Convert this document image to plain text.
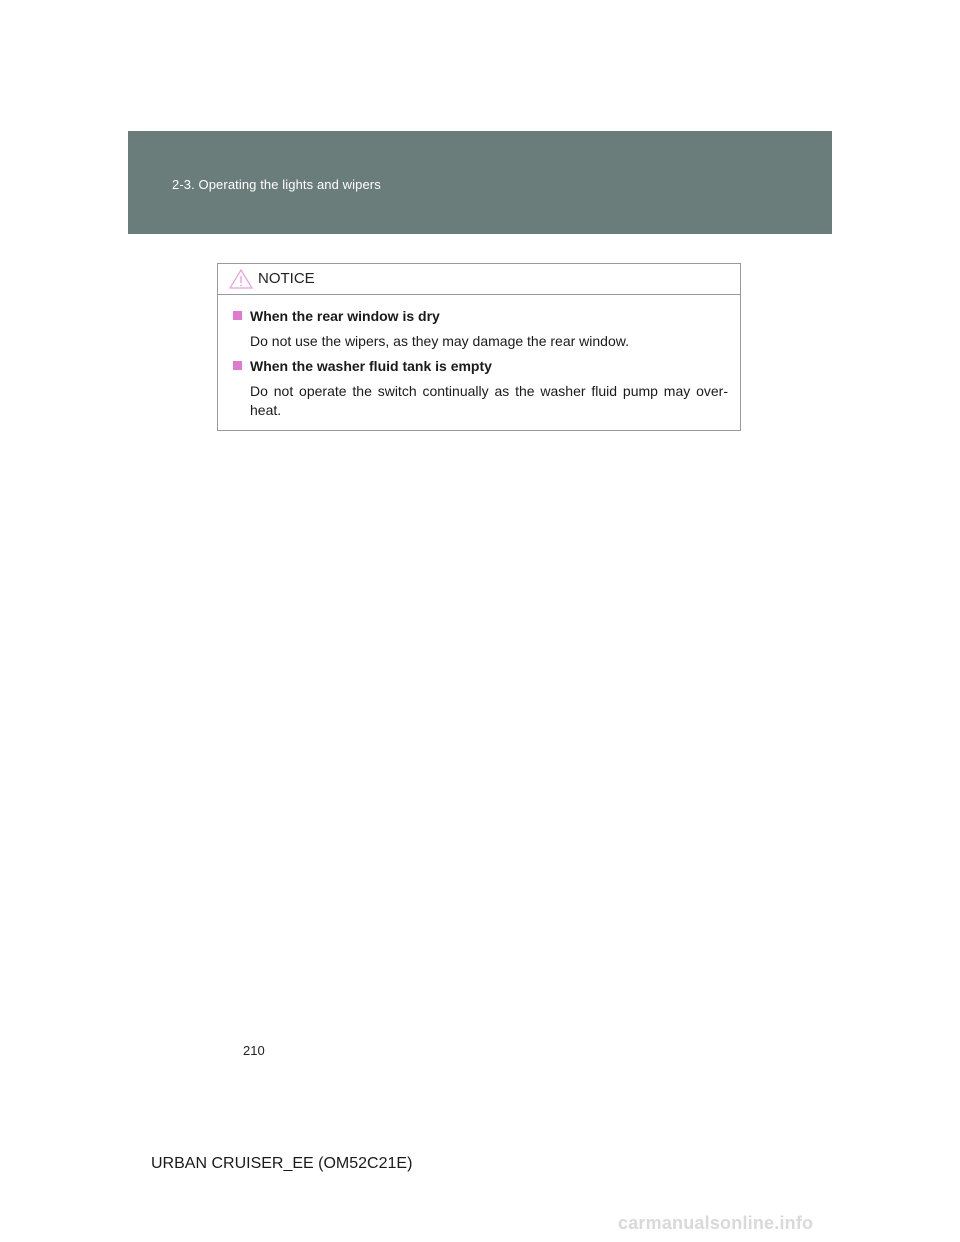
2-3. Operating the lights and wipers
NOTICE
When the rear window is dry
Do not use the wipers, as they may damage the rear window.
When the washer fluid tank is empty
Do not operate the switch continually as the washer fluid pump may over-heat.
210
URBAN CRUISER_EE (OM52C21E)
carmanualsonline.info
